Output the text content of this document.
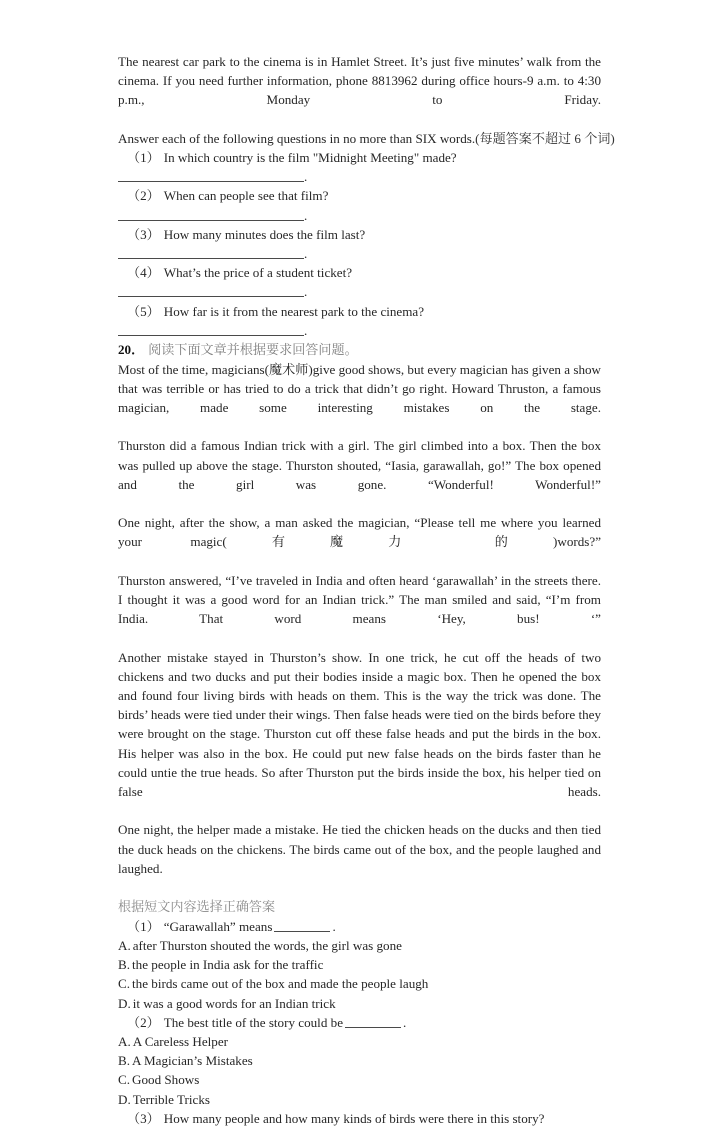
The nearest car park to the cinema is in Hamlet Street. It’s just five minutes’ walk from the cinema. If you need further information, phone 8813962 during office hours-9 a.m. to 4:30 p.m., Monday to Friday.

Answer each of the following questions in no more than SIX words.(每题答案不超过 6 个词)

（1） In which country is the film "Midnight Meeting" made?

.

（2） When can people see that film?

.

（3） How many minutes does the film last?

.

（4） What’s the price of a student ticket?

.

（5） How far is it from the nearest park to the cinema?

.

20． 阅读下面文章并根据要求回答问题。

Most of the time, magicians(魔术师)give good shows, but every magician has given a show that was terrible or has tried to do a trick that didn’t go right. Howard Thruston, a famous magician, made some interesting mistakes on the stage.

Thurston did a famous Indian trick with a girl. The girl climbed into a box. Then the box was pulled up above the stage. Thurston shouted, “Iasia, garawallah, go!” The box opened and the girl was gone. “Wonderful! Wonderful!”

One night, after the show, a man asked the magician, “Please tell me where you learned your magic(有魔力 的)words?”

Thurston answered, “I’ve traveled in India and often heard ‘garawallah’ in the streets there. I thought it was a good word for an Indian trick.” The man smiled and said, “I’m from India. That word means ‘Hey, bus! ‘”

Another mistake stayed in Thurston’s show. In one trick, he cut off the heads of two chickens and two ducks and put their bodies inside a magic box. Then he opened the box and found four living birds with heads on them. This is the way the trick was done. The birds’ heads were tied under their wings. Then false heads were tied on the birds before they were brought on the stage. Thurston cut off these false heads and put the birds in the box. His helper was also in the box. He could put new false heads on the birds faster than he could untie the true heads. So after Thurston put the birds inside the box, his helper tied on false heads.

One night, the helper made a mistake. He tied the chicken heads on the ducks and then tied the duck heads on the chickens. The birds came out of the box, and the people laughed and laughed.

根据短文内容选择正确答案

（1） “Garawallah” means	.

A. after Thurston shouted the words, the girl was gone

B. the people in India ask for the traffic

C. the birds came out of the box and made the people laugh

D. it was a good words for an Indian trick

（2） The best title of the story could be	.

A. A Careless Helper

B. A Magician’s Mistakes

C. Good Shows

D. Terrible Tricks

（3） How many people and how many kinds of birds were there in this story?
